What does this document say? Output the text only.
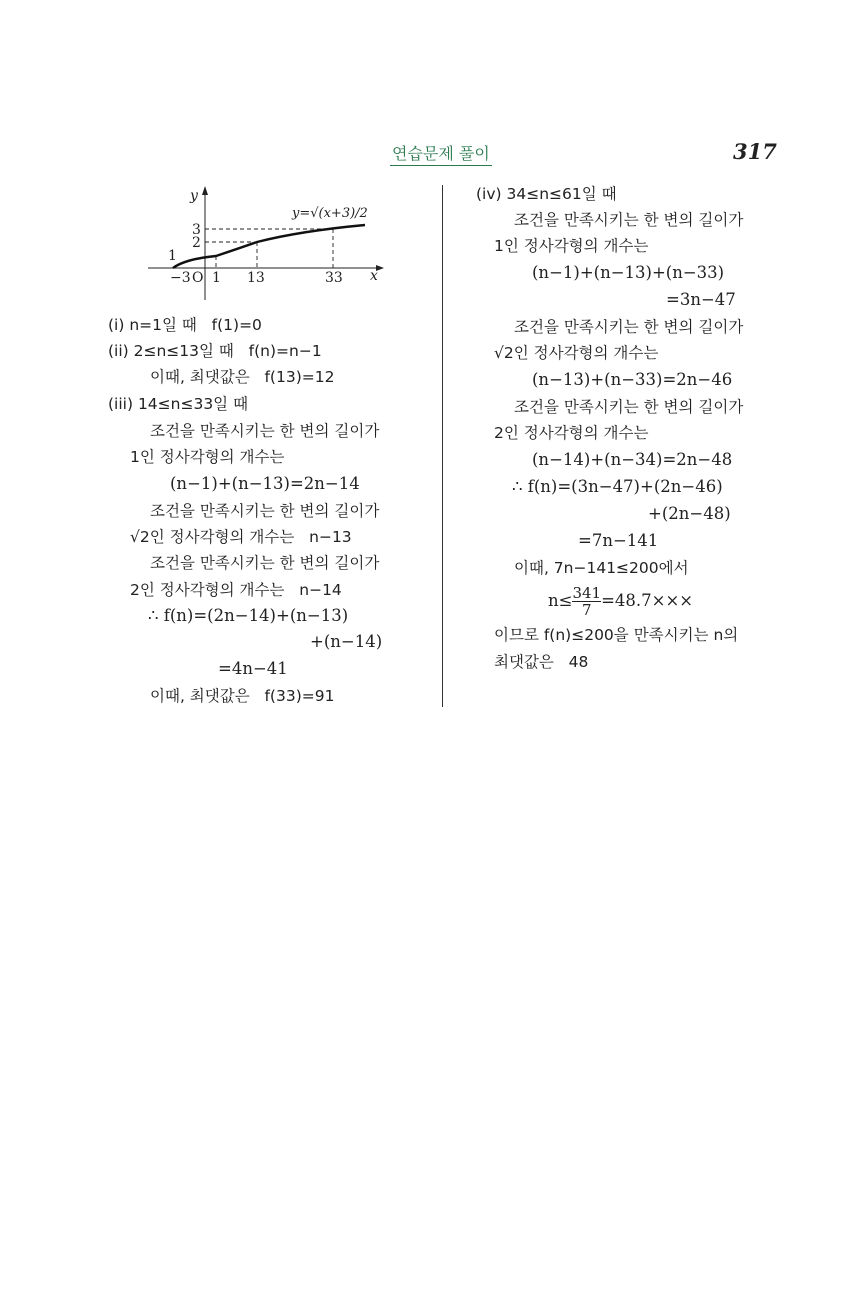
연습문제 풀이	317
y
x
1
2
3
−3 O 1 13	33
y=√(x+3)/2
(i) n=1일 때   f(1)=0
(ii) 2≤n≤13일 때   f(n)=n−1
이때, 최댓값은   f(13)=12
(iii) 14≤n≤33일 때
조건을 만족시키는 한 변의 길이가
1인 정사각형의 개수는
(n−1)+(n−13)=2n−14
조건을 만족시키는 한 변의 길이가
√2인 정사각형의 개수는   n−13
조건을 만족시키는 한 변의 길이가
2인 정사각형의 개수는   n−14
∴ f(n)=(2n−14)+(n−13)
+(n−14)
=4n−41
이때, 최댓값은   f(33)=91
(iv) 34≤n≤61일 때
조건을 만족시키는 한 변의 길이가
1인 정사각형의 개수는
(n−1)+(n−13)+(n−33)
=3n−47
조건을 만족시키는 한 변의 길이가
√2인 정사각형의 개수는
(n−13)+(n−33)=2n−46
조건을 만족시키는 한 변의 길이가
2인 정사각형의 개수는
(n−14)+(n−34)=2n−48
∴ f(n)=(3n−47)+(2n−46)
+(2n−48)
=7n−141
이때, 7n−141≤200에서
$n\le \frac{341}{7} =48.7\times\times\times$
이므로 f(n)≤200을 만족시키는 n의
최댓값은   48
